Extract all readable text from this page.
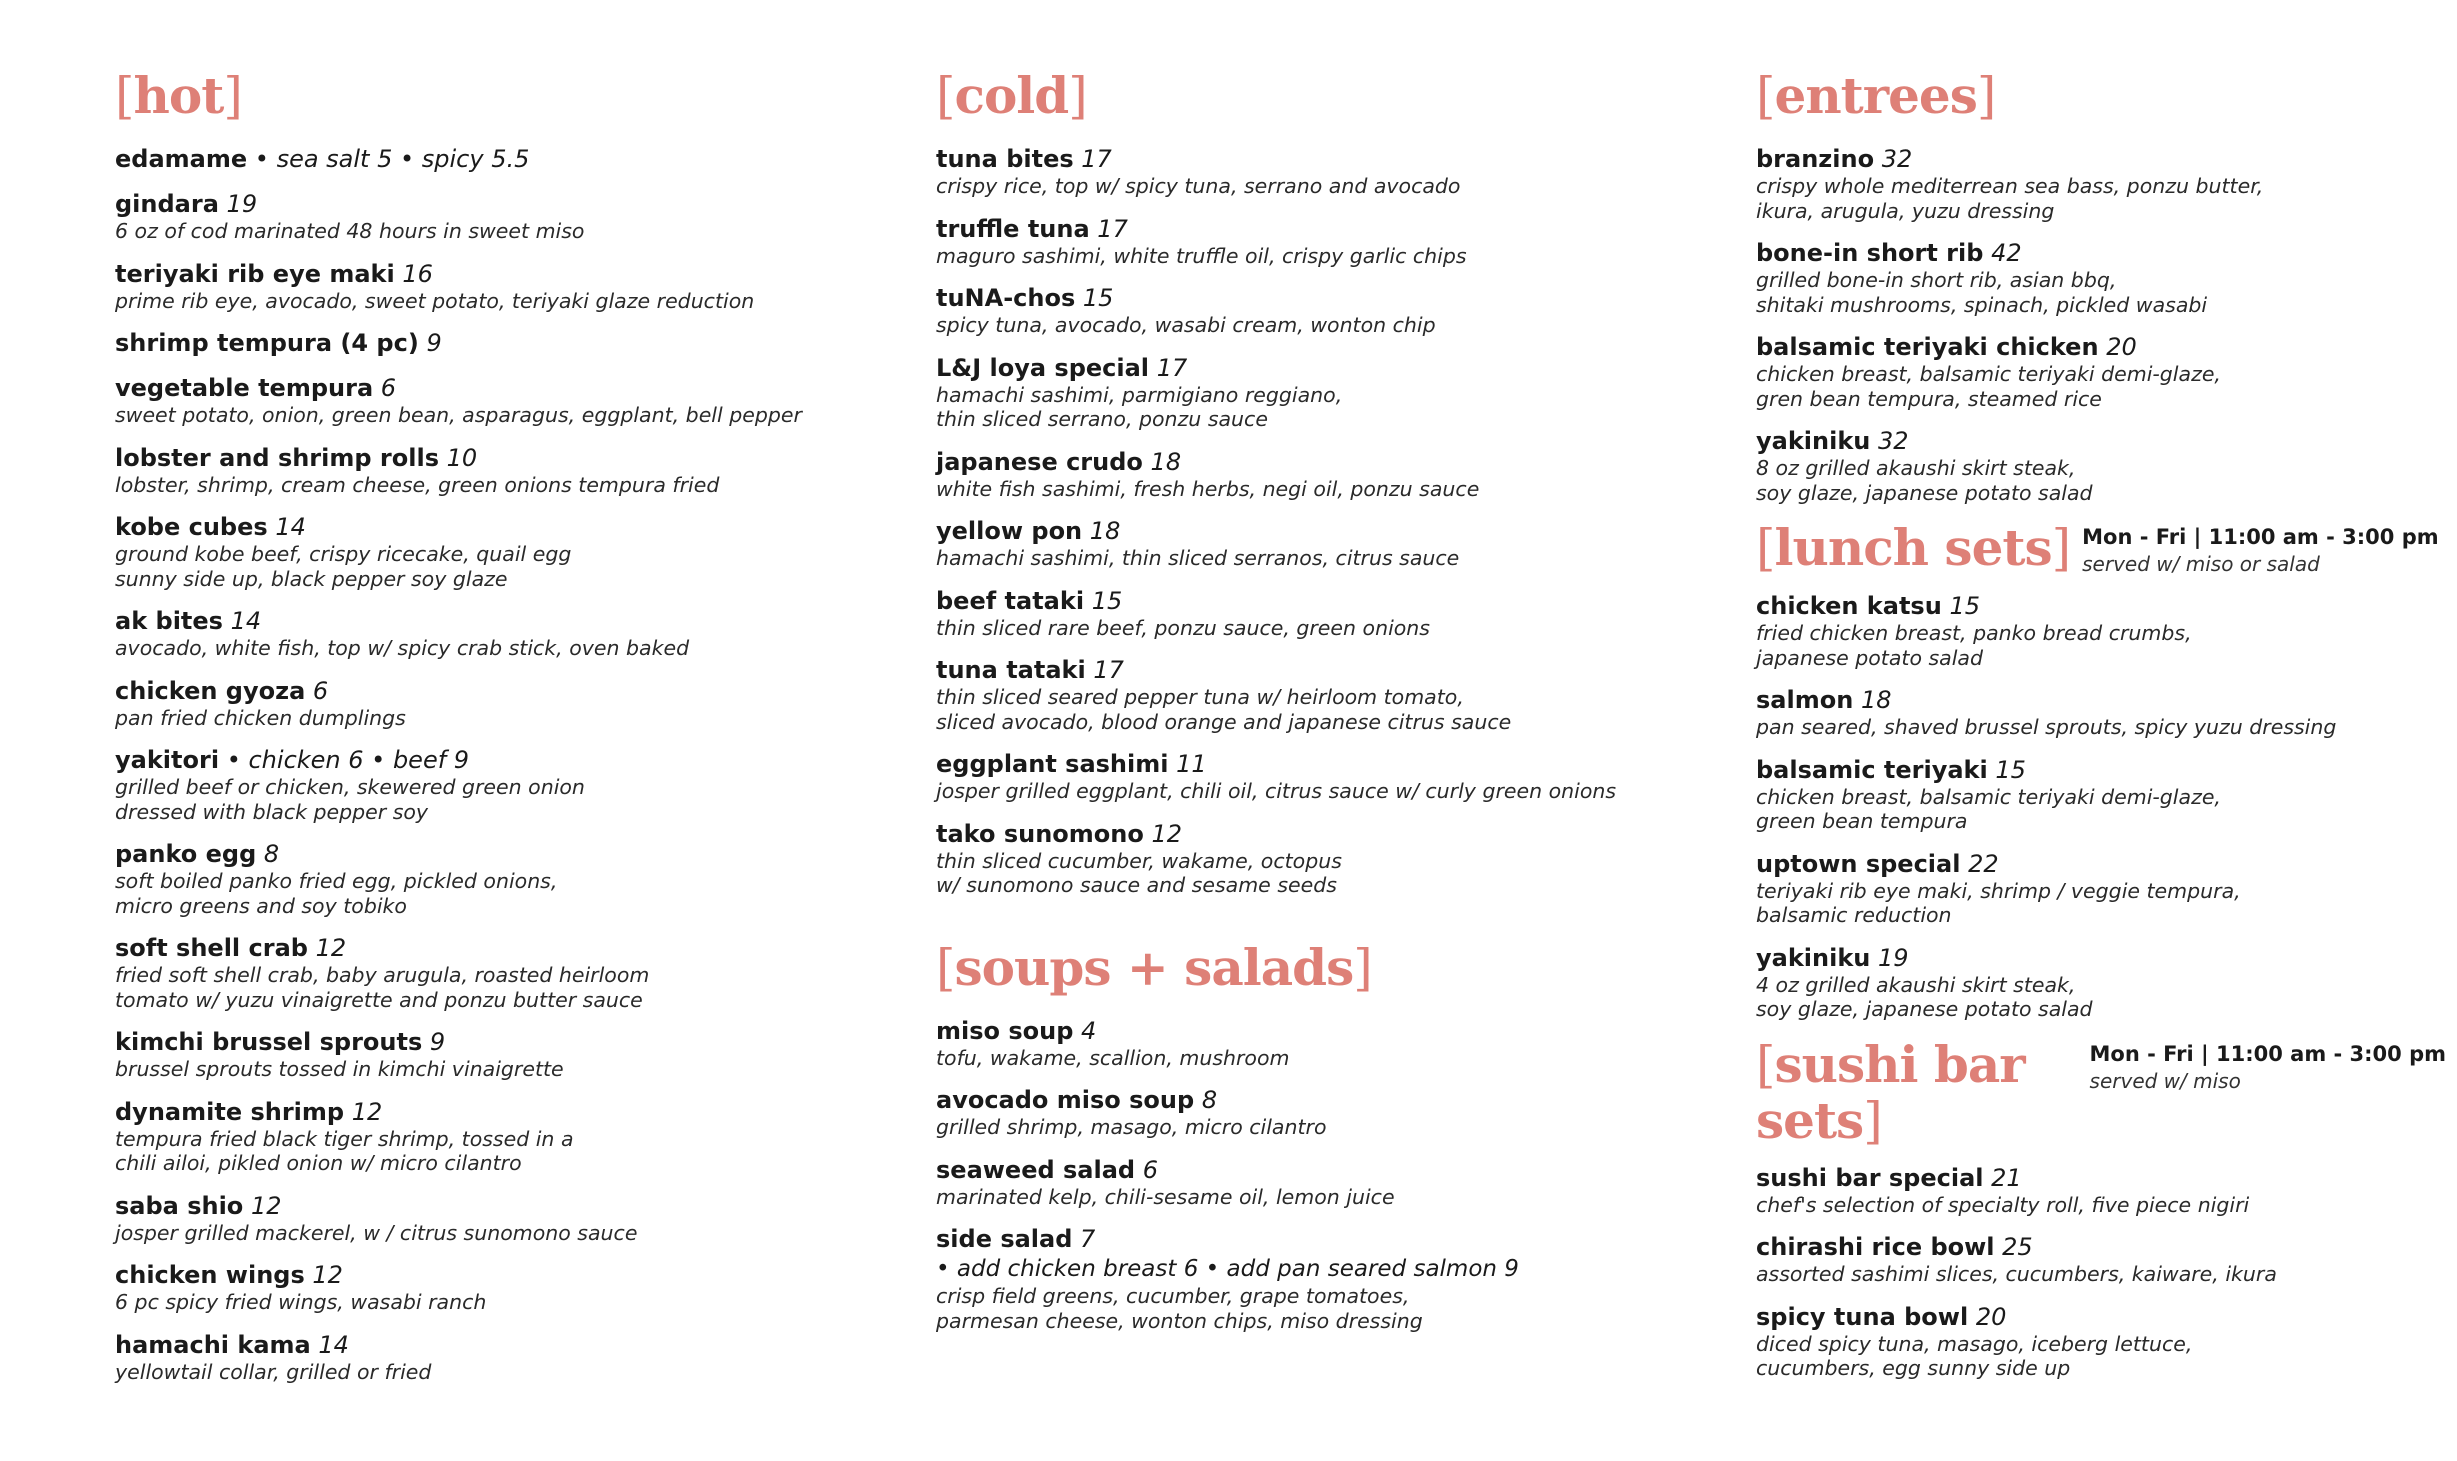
[hot]
edamame • sea salt 5 • spicy 5.5
gindara 19
6 oz of cod marinated 48 hours in sweet miso
teriyaki rib eye maki 16
prime rib eye, avocado, sweet potato, teriyaki glaze reduction
shrimp tempura (4 pc) 9
vegetable tempura 6
sweet potato, onion, green bean, asparagus, eggplant, bell pepper
lobster and shrimp rolls 10
lobster, shrimp, cream cheese, green onions tempura fried
kobe cubes 14
ground kobe beef, crispy ricecake, quail egg
sunny side up, black pepper soy glaze
ak bites 14
avocado, white fish, top w/ spicy crab stick, oven baked
chicken gyoza 6
pan fried chicken dumplings
yakitori • chicken 6 • beef 9
grilled beef or chicken, skewered green onion
dressed with black pepper soy
panko egg 8
soft boiled panko fried egg, pickled onions,
micro greens and soy tobiko
soft shell crab 12
fried soft shell crab, baby arugula, roasted heirloom
tomato w/ yuzu vinaigrette and ponzu butter sauce
kimchi brussel sprouts 9
brussel sprouts tossed in kimchi vinaigrette
dynamite shrimp 12
tempura fried black tiger shrimp, tossed in a
chili ailoi, pikled onion w/ micro cilantro
saba shio 12
josper grilled mackerel, w / citrus sunomono sauce
chicken wings 12
6 pc spicy fried wings, wasabi ranch
hamachi kama 14
yellowtail collar, grilled or fried
[cold]
tuna bites 17
crispy rice, top w/ spicy tuna, serrano and avocado
truffle tuna 17
maguro sashimi, white truffle oil, crispy garlic chips
tuNA-chos 15
spicy tuna, avocado, wasabi cream, wonton chip
L&J loya special 17
hamachi sashimi, parmigiano reggiano,
thin sliced serrano, ponzu sauce
japanese crudo 18
white fish sashimi, fresh herbs, negi oil, ponzu sauce
yellow pon 18
hamachi sashimi, thin sliced serranos, citrus sauce
beef tataki 15
thin sliced rare beef, ponzu sauce, green onions
tuna tataki 17
thin sliced seared pepper tuna w/ heirloom tomato,
sliced avocado, blood orange and japanese citrus sauce
eggplant sashimi 11
josper grilled eggplant, chili oil, citrus sauce w/ curly green onions
tako sunomono 12
thin sliced cucumber, wakame, octopus
w/ sunomono sauce and sesame seeds
[soups + salads]
miso soup 4
tofu, wakame, scallion, mushroom
avocado miso soup 8
grilled shrimp, masago, micro cilantro
seaweed salad 6
marinated kelp, chili-sesame oil, lemon juice
side salad 7
• add chicken breast 6 • add pan seared salmon 9
crisp field greens, cucumber, grape tomatoes,
parmesan cheese, wonton chips, miso dressing
[entrees]
branzino 32
crispy whole mediterrean sea bass, ponzu butter,
ikura, arugula, yuzu dressing
bone-in short rib 42
grilled bone-in short rib, asian bbq,
shitaki mushrooms, spinach, pickled wasabi
balsamic teriyaki chicken 20
chicken breast, balsamic teriyaki demi-glaze,
gren bean tempura, steamed rice
yakiniku 32
8 oz grilled akaushi skirt steak,
soy glaze, japanese potato salad
[lunch sets] Mon - Fri | 11:00 am - 3:00 pm
served w/ miso or salad
chicken katsu 15
fried chicken breast, panko bread crumbs,
japanese potato salad
salmon 18
pan seared, shaved brussel sprouts, spicy yuzu dressing
balsamic teriyaki 15
chicken breast, balsamic teriyaki demi-glaze,
green bean tempura
uptown special 22
teriyaki rib eye maki, shrimp / veggie tempura,
balsamic reduction
yakiniku 19
4 oz grilled akaushi skirt steak,
soy glaze, japanese potato salad
[sushi bar sets]
Mon - Fri | 11:00 am - 3:00 pm
served w/ miso
sushi bar special 21
chef's selection of specialty roll, five piece nigiri
chirashi rice bowl 25
assorted sashimi slices, cucumbers, kaiware, ikura
spicy tuna bowl 20
diced spicy tuna, masago, iceberg lettuce,
cucumbers, egg sunny side up
